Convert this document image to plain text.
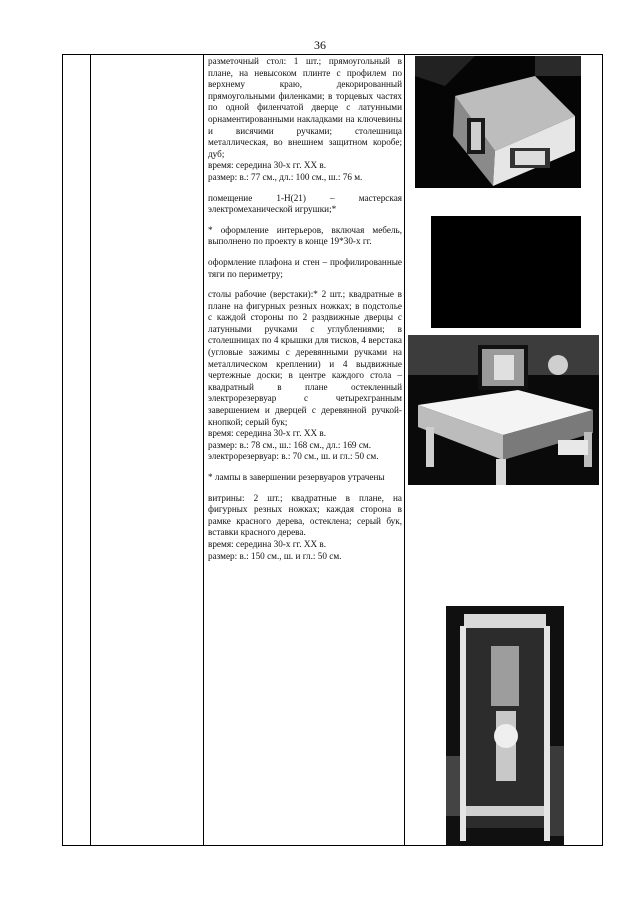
36

разметочный стол: 1 шт.; прямоугольный в плане, на невысоком плинте с профилем по верхнему краю, декорированный прямоугольными филенками; в торцевых частях по одной филенчатой дверце с латунными орнаментированными накладками на ключевины и висячими ручками; столешница металлическая, во внешнем защитном коробе; дуб;

время: середина 30-х гг. XX в.

размер: в.: 77 см., дл.: 100 см., ш.: 76 м.

помещение 1-Н(21) – мастерская электромеханической игрушки;*

* оформление интерьеров, включая мебель, выполнено по проекту в конце 19*30-х гг.

оформление плафона и стен – профилированные тяги по периметру;

столы рабочие (верстаки):* 2 шт.; квадратные в плане на фигурных резных ножках; в подстолье с каждой стороны по 2 раздвижные дверцы с латунными ручками с углублениями; в столешницах по 4 крышки для тисков, 4 верстака (угловые зажимы с деревянными ручками на металлическом креплении) и 4 выдвижные чертежные доски; в центре каждого стола – квадратный в плане остекленный электрорезервуар с четырехгранным завершением и дверцей с деревянной ручкой-кнопкой; серый бук;

время: середина 30-х гг. XX в.

размер: в.: 78 см., ш.: 168 см., дл.: 169 см.

электрорезервуар: в.: 70 см., ш. и гл.: 50 см.

* лампы в завершении резервуаров утрачены

витрины: 2 шт.; квадратные в плане, на фигурных резных ножках; каждая сторона в рамке красного дерева, остеклена; серый бук, вставки красного дерева.

время: середина 30-х гг. XX в.

размер: в.: 150 см., ш. и гл.: 50 см.
